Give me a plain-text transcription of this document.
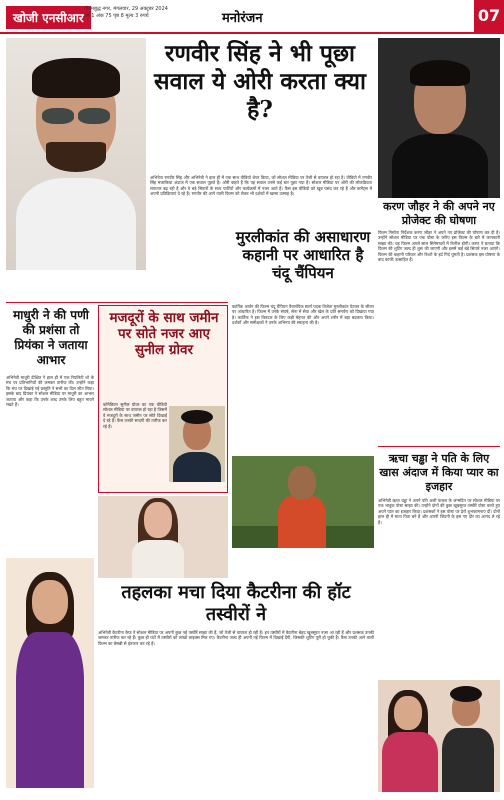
खोजी एनसीआर
गौतमबुद्ध नगर, मंगलवार, 29 अक्टूबर 2024
वर्ष 1 अंक 75 पृष्ठ 8 मूल्य 3 रुपये	मनोरंजन	07
रणवीर सिंह ने भी पूछा सवाल ये ओरी करता क्या है?
अभिनेता रणवीर सिंह और अभिनेत्री ने हाल ही में एक साथ वीडियो शेयर किया, जो सोशल मीडिया पर तेजी से वायरल हो रहा है। वीडियो में रणवीर सिंह मजाकिया अंदाज में एक सवाल पूछते हैं। ओरी कहते हैं कि यह सवाल उनसे कई बार पूछा गया है। सोशल मीडिया पर ओरी की लोकप्रियता लगातार बढ़ रही है और वे बड़े सितारों के साथ पार्टियों और कार्यक्रमों में नजर आते हैं। फैंस इस वीडियो को खूब पसंद कर रहे हैं और कमेंट्स में अपनी प्रतिक्रियाएं दे रहे हैं। रणवीर की आने वाली फिल्म को लेकर भी दर्शकों में खासा उत्साह है।
करण जौहर ने की अपने नए प्रोजेक्ट की घोषणा
फिल्म निर्माता निर्देशक करण जौहर ने अपने नए प्रोजेक्ट की घोषणा कर दी है। उन्होंने सोशल मीडिया पर एक पोस्ट के जरिए इस फिल्म के बारे में जानकारी साझा की। यह फिल्म अगले साल सिनेमाघरों में रिलीज होगी। करण ने बताया कि फिल्म की शूटिंग जल्द ही शुरू की जाएगी और इसमें कई बड़े सितारे नजर आएंगे। फिल्म की कहानी परिवार और रिश्तों के इर्द गिर्द घूमती है। प्रशंसक इस घोषणा के बाद काफी उत्साहित हैं।
माधुरी ने की पणी की प्रशंसा तो प्रियंका ने जताया आभार
अभिनेत्री माधुरी दीक्षित ने हाल ही में एक रियलिटी शो के मंच पर प्रतिभागियों की जमकर तारीफ की। उन्होंने कहा कि मंच पर दिखाई गई प्रस्तुति ने सभी का दिल जीत लिया। इसके बाद प्रियंका ने सोशल मीडिया पर माधुरी का आभार जताया और कहा कि उनके शब्द उनके लिए बहुत मायने रखते हैं।
मजदूरों के साथ जमीन पर सोते नजर आए सुनील ग्रोवर
कॉमेडियन सुनील ग्रोवर का एक वीडियो सोशल मीडिया पर वायरल हो रहा है जिसमें वे मजदूरों के साथ जमीन पर सोते दिखाई दे रहे हैं। फैंस उनकी सादगी की तारीफ कर रहे हैं।
मुरलीकांत की असाधारण कहानी पर आधारित है चंदू चैंपियन
कार्तिक आर्यन की फिल्म चंदू चैंपियन पैरालंपिक स्वर्ण पदक विजेता मुरलीकांत पेटकर के जीवन पर आधारित है। फिल्म में उनके संघर्ष, सेना में सेवा और खेल के प्रति समर्पण को दिखाया गया है। कार्तिक ने इस किरदार के लिए कड़ी मेहनत की और अपने शरीर में बड़ा बदलाव किया। दर्शकों और समीक्षकों ने उनके अभिनय की सराहना की है।
तहलका मचा दिया कैटरीना की हॉट तस्वीरों ने
अभिनेत्री कैटरीना कैफ ने सोशल मीडिया पर अपनी कुछ नई तस्वीरें साझा की हैं, जो तेजी से वायरल हो रही हैं। इन तस्वीरों में कैटरीना बेहद खूबसूरत नजर आ रही हैं और प्रशंसक उनकी जमकर तारीफ कर रहे हैं। कुछ ही घंटों में तस्वीरों को लाखों लाइक्स मिल गए। कैटरीना जल्द ही अपनी नई फिल्म में दिखाई देंगी, जिसकी शूटिंग पूरी हो चुकी है। फैंस उनकी आने वाली फिल्म का बेसब्री से इंतजार कर रहे हैं।
ऋचा चड्ढा ने पति के लिए खास अंदाज में किया प्यार का इजहार
अभिनेत्री ऋचा चड्ढा ने अपने पति अली फजल के जन्मदिन पर सोशल मीडिया पर एक भावुक पोस्ट साझा की। उन्होंने दोनों की कुछ खूबसूरत तस्वीरें पोस्ट करते हुए अपने प्यार का इजहार किया। प्रशंसकों ने इस पोस्ट पर ढेरों शुभकामनाएं दीं। दोनों हाल ही में माता पिता बने हैं और अपनी जिंदगी के इस नए दौर का आनंद ले रहे हैं।
